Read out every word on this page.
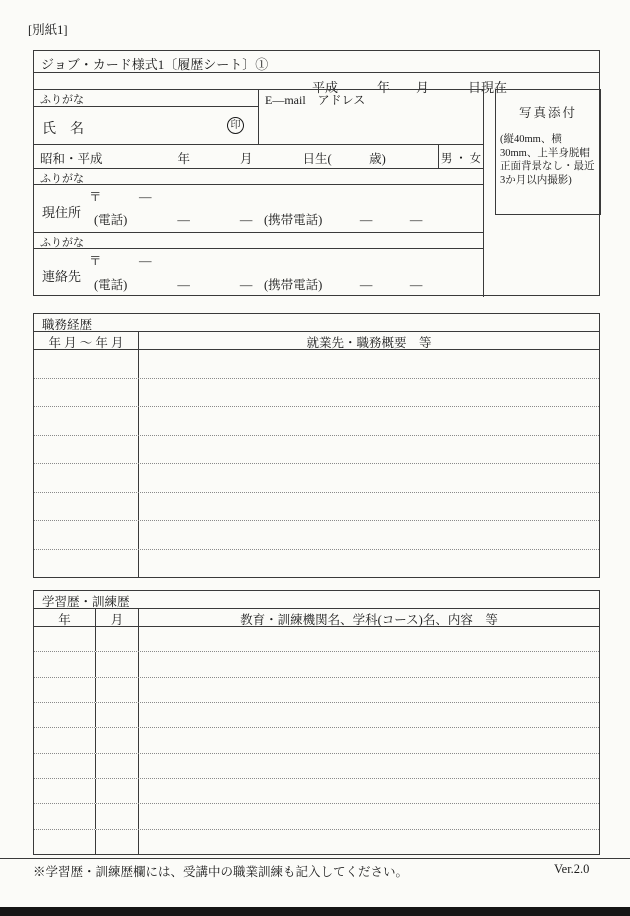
[別紙1]
ジョブ・カード様式1〔履歴シート〕①
平成　　　年　　月　　　日現在
ふりがな	E—mail　アドレス
氏　名	印
昭和・平成　　　　　　年　　　　月　　　　日生(　　　歳)	男 ・ 女
ふりがな
〒　　　—
現住所 (電話)　　　　—　　　　— (携帯電話)　　　—　　　—
ふりがな
〒　　　—
連絡先
(電話)　　　　—　　　　— (携帯電話)　　　—　　　—
写真添付
(縦40mm、横30mm、上半身脱帽正面背景なし・最近3か月以内撮影)
職務経歴
年 月 ～ 年 月	就業先・職務概要　等
学習歴・訓練歴
年	月	教育・訓練機関名、学科(コース)名、内容　等
※学習歴・訓練歴欄には、受講中の職業訓練も記入してください。	Ver.2.0
